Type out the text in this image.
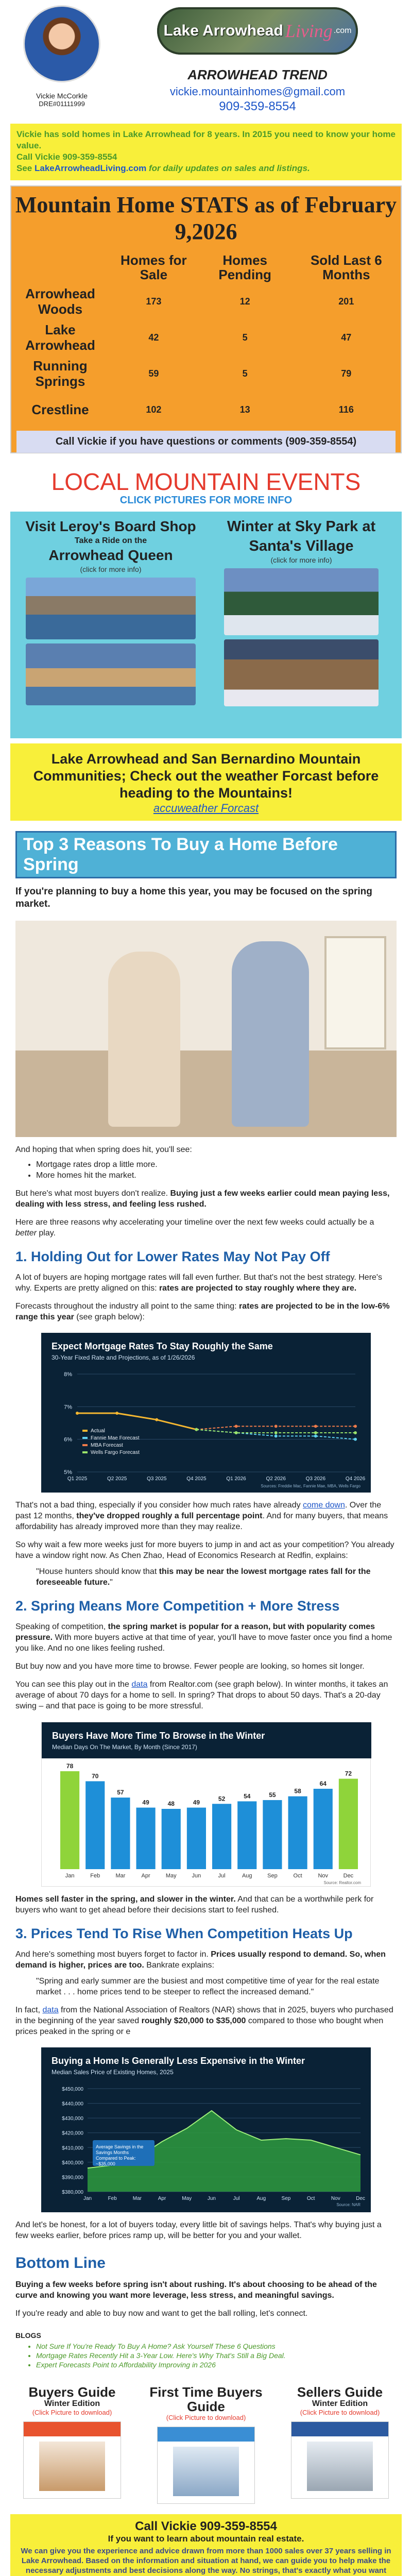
Vickie McCorkle
DRE#01111999
Lake Arrowhead Living .com
ARROWHEAD TREND
vickie.mountainhomes@gmail.com
909-359-8554
Vickie has sold homes in Lake Arrowhead for 8 years. In 2015 you need to know your home value.
Call Vickie 909-359-8554
See LakeArrowheadLiving.com for daily updates on sales and listings.
Mountain Home STATS as of February 9,2026
	Homes for Sale	Homes Pending	Sold Last 6 Months
Arrowhead Woods	173	12	201
Lake Arrowhead	42	5	47
Running Springs	59	5	79
Crestline	102	13	116
Call Vickie if you have questions or comments (909-359-8554)
LOCAL MOUNTAIN EVENTS
CLICK PICTURES FOR MORE INFO
Visit Leroy's Board Shop
Take a Ride on the
Arrowhead Queen
(click for more info)
Winter at Sky Park at Santa's Village
(click for more info)
Lake Arrowhead and San Bernardino Mountain Communities; Check out the weather Forcast before heading to the Mountains!
accuweather Forcast
Top 3 Reasons To Buy a Home Before Spring
If you're planning to buy a home this year, you may be focused on the spring market.

And hoping that when spring does hit, you'll see:

• Mortgage rates drop a little more.
• More homes hit the market.

But here's what most buyers don't realize. Buying just a few weeks earlier could mean paying less, dealing with less stress, and feeling less rushed.

Here are three reasons why accelerating your timeline over the next few weeks could actually be a better play.

1. Holding Out for Lower Rates May Not Pay Off

A lot of buyers are hoping mortgage rates will fall even further. But that's not the best strategy. Here's why. Experts are pretty aligned on this: rates are projected to stay roughly where they are.

Forecasts throughout the industry all point to the same thing: rates are projected to be in the low-6% range this year (see graph below):

Expect Mortgage Rates To Stay Roughly the Same
30-Year Fixed Rate and Projections, as of 1/26/2026
8%
7%
6%
5%
Q1 2025	Q2 2025	Q3 2025	Q4 2025	Q1 2026	Q2 2026	Q3 2026	Q4 2026
Actual
Fannie Mae Forecast
MBA Forecast
Wells Fargo Forecast
Sources: Freddie Mac, Fannie Mae, MBA, Wells Fargo

That's not a bad thing, especially if you consider how much rates have already come down. Over the past 12 months, they've dropped roughly a full percentage point. And for many buyers, that means affordability has already improved more than they may realize.

So why wait a few more weeks just for more buyers to jump in and act as your competition? You already have a window right now. As Chen Zhao, Head of Economics Research at Redfin, explains:

"House hunters should know that this may be near the lowest mortgage rates fall for the foreseeable future."

2. Spring Means More Competition + More Stress

Speaking of competition, the spring market is popular for a reason, but with popularity comes pressure. With more buyers active at that time of year, you'll have to move faster once you find a home you like. And no one likes feeling rushed.

But buy now and you have more time to browse. Fewer people are looking, so homes sit longer.

You can see this play out in the data from Realtor.com (see graph below). In winter months, it takes an average of about 70 days for a home to sell. In spring? That drops to about 50 days. That's a 20-day swing – and that pace is going to be more stressful.

Buyers Have More Time To Browse in the Winter
Median Days On The Market, By Month (Since 2017)
78
Jan
70
Feb
57
Mar
49
Apr
48
May
49
Jun
52
Jul
54
Aug
55
Sep
58
Oct
64
Nov
72
Dec
Source: Realtor.com

Homes sell faster in the spring, and slower in the winter. And that can be a worthwhile perk for buyers who want to get ahead before their decisions start to feel rushed.

3. Prices Tend To Rise When Competition Heats Up

And here's something most buyers forget to factor in. Prices usually respond to demand. So, when demand is higher, prices are too. Bankrate explains:

"Spring and early summer are the busiest and most competitive time of year for the real estate market . . . home prices tend to be steeper to reflect the increased demand."

In fact, data from the National Association of Realtors (NAR) shows that in 2025, buyers who purchased in the beginning of the year saved roughly $20,000 to $35,000 compared to those who bought when prices peaked in the spring or e

Buying a Home Is Generally Less Expensive in the Winter
Median Sales Price of Existing Homes, 2025
$450,000
$440,000
$430,000
$420,000
$410,000
$400,000
$390,000
$380,000
Jan	Feb	Mar	Apr	May	Jun	Jul	Aug	Sep	Oct	Nov	Dec
Average Savings in the Savings Months Compared to Peak: ~$35,000
Source: NAR

And let's be honest, for a lot of buyers today, every little bit of savings helps. That's why buying just a few weeks earlier, before prices ramp up, will be better for you and your wallet.

Bottom Line

Buying a few weeks before spring isn't about rushing. It's about choosing to be ahead of the curve and knowing you want more leverage, less stress, and meaningful savings.

If you're ready and able to buy now and want to get the ball rolling, let's connect.

BLOGS
• Not Sure If You're Ready To Buy A Home? Ask Yourself These 6 Questions
• Mortgage Rates Recently Hit a 3-Year Low. Here's Why That's Still a Big Deal.
• Expert Forecasts Point to Affordability Improving in 2026
Buyers Guide
Winter Edition
(Click Picture to download)
First Time Buyers Guide
(Click Picture to download)
Sellers Guide
Winter Edition
(Click Picture to download)
Call Vickie 909-359-8554
If you want to learn about mountain real estate.
We can give you the experience and advice drawn from more than 1000 sales over 37 years selling in Lake Arrowhead. Based on the information and situation at hand, we can guide you to help make the necessary adjustments and best decisions along the way. No strings, that's exactly what you want
